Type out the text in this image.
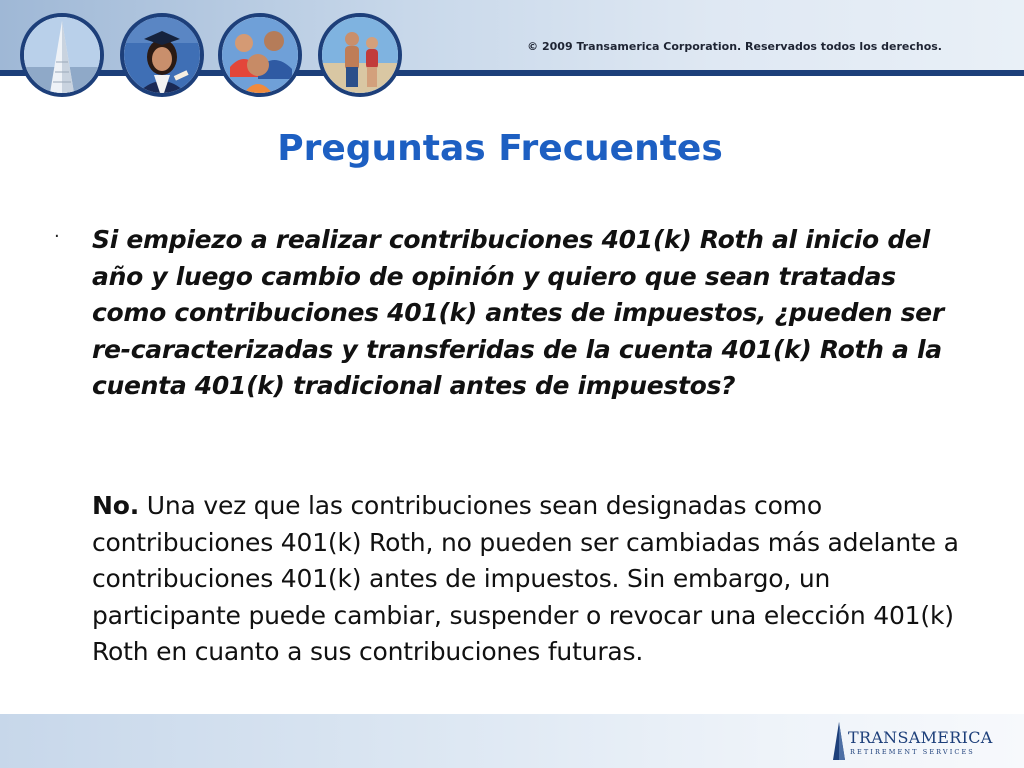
© 2009 Transamerica Corporation. Reservados todos los derechos.
Preguntas Frecuentes
· Si empiezo a realizar contribuciones 401(k) Roth al inicio del año y luego cambio de opinión y quiero que sean tratadas como contribuciones 401(k) antes de impuestos, ¿pueden ser re-caracterizadas y transferidas de la cuenta 401(k) Roth a la cuenta 401(k) tradicional antes de impuestos?

No. Una vez que las contribuciones sean designadas como contribuciones 401(k) Roth, no pueden ser cambiadas más adelante a contribuciones 401(k) antes de impuestos. Sin embargo, un participante puede cambiar, suspender o revocar una elección 401(k) Roth en cuanto a sus contribuciones futuras.

TRANSAMERICA
RETIREMENT SERVICES
